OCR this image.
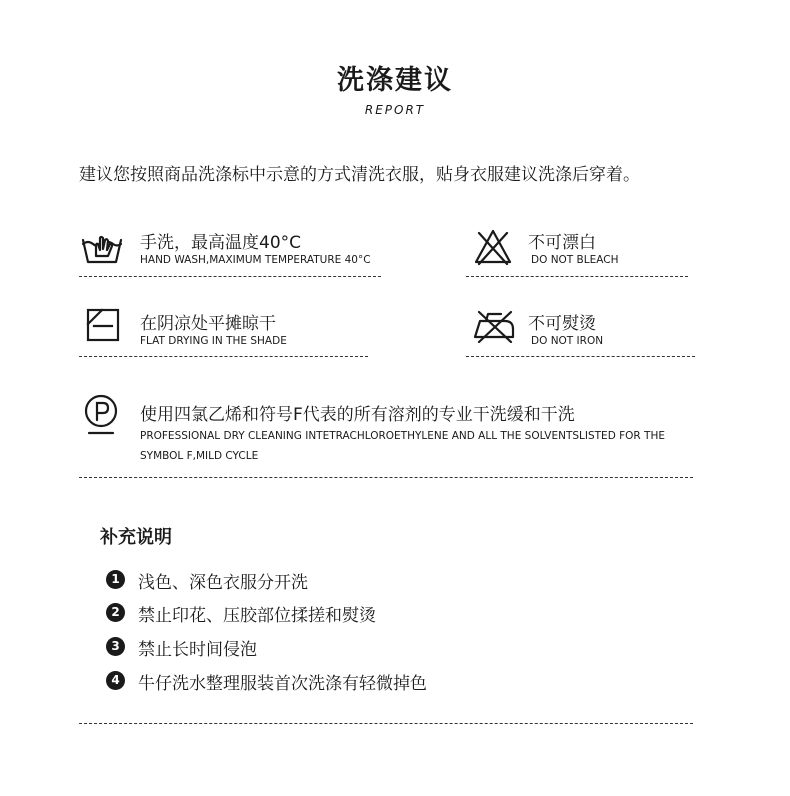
洗涤建议
REPORT
建议您按照商品洗涤标中示意的方式清洗衣服，贴身衣服建议洗涤后穿着。
手洗，最高温度40°C
HAND WASH,MAXIMUM TEMPERATURE 40°C
不可漂白
DO NOT BLEACH
在阴凉处平摊晾干
FLAT DRYING IN THE SHADE
不可熨烫
DO NOT IRON
使用四氯乙烯和符号F代表的所有溶剂的专业干洗缓和干洗
PROFESSIONAL DRY CLEANING INTETRACHLOROETHYLENE AND ALL THE SOLVENTSLISTED FOR THE
SYMBOL F,MILD CYCLE
补充说明
1	浅色、深色衣服分开洗
2	禁止印花、压胶部位揉搓和熨烫
3	禁止长时间侵泡
4	牛仔洗水整理服装首次洗涤有轻微掉色
